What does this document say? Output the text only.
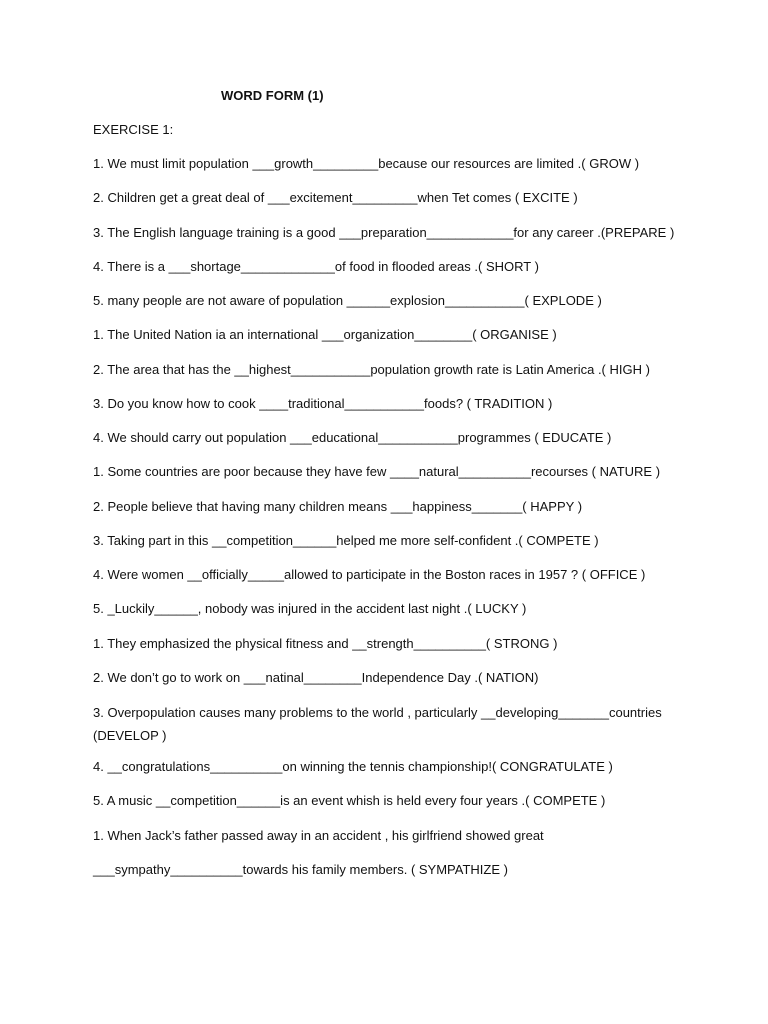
WORD FORM (1)
EXERCISE 1:
1. We must limit population ___growth_________because our resources are limited .( GROW )
2. Children get a great deal of ___excitement_________when Tet comes ( EXCITE )
3. The English language training is a good ___preparation____________for any career .(PREPARE )
4. There is a ___shortage_____________of food in flooded areas .( SHORT )
5. many people are not aware of population ______explosion___________( EXPLODE )
1. The United Nation ia an international ___organization________( ORGANISE )
2. The area that has the __highest___________population growth rate is Latin America .( HIGH )
3. Do you know how to cook ____traditional___________foods? ( TRADITION )
4. We should carry out population ___educational___________programmes ( EDUCATE )
1. Some countries are poor because they have few ____natural__________recourses ( NATURE )
2. People believe that having many children means ___happiness_______( HAPPY )
3. Taking part in this __competition______helped me more self-confident .( COMPETE )
4. Were women __officially_____allowed to participate in the Boston races in 1957 ? ( OFFICE )
5. _Luckily______, nobody was injured in the accident last night .( LUCKY )
1. They emphasized the physical fitness and __strength__________( STRONG )
2. We don’t go to work on ___natinal________Independence Day .( NATION)
3. Overpopulation causes many problems to the world , particularly __developing_______countries (DEVELOP )
4. __congratulations__________on winning the tennis championship!( CONGRATULATE )
5. A music __competition______is an event whish is held every four years .( COMPETE )
1. When Jack’s father passed away in an accident , his girlfriend showed great
___sympathy__________towards his family members. ( SYMPATHIZE )
